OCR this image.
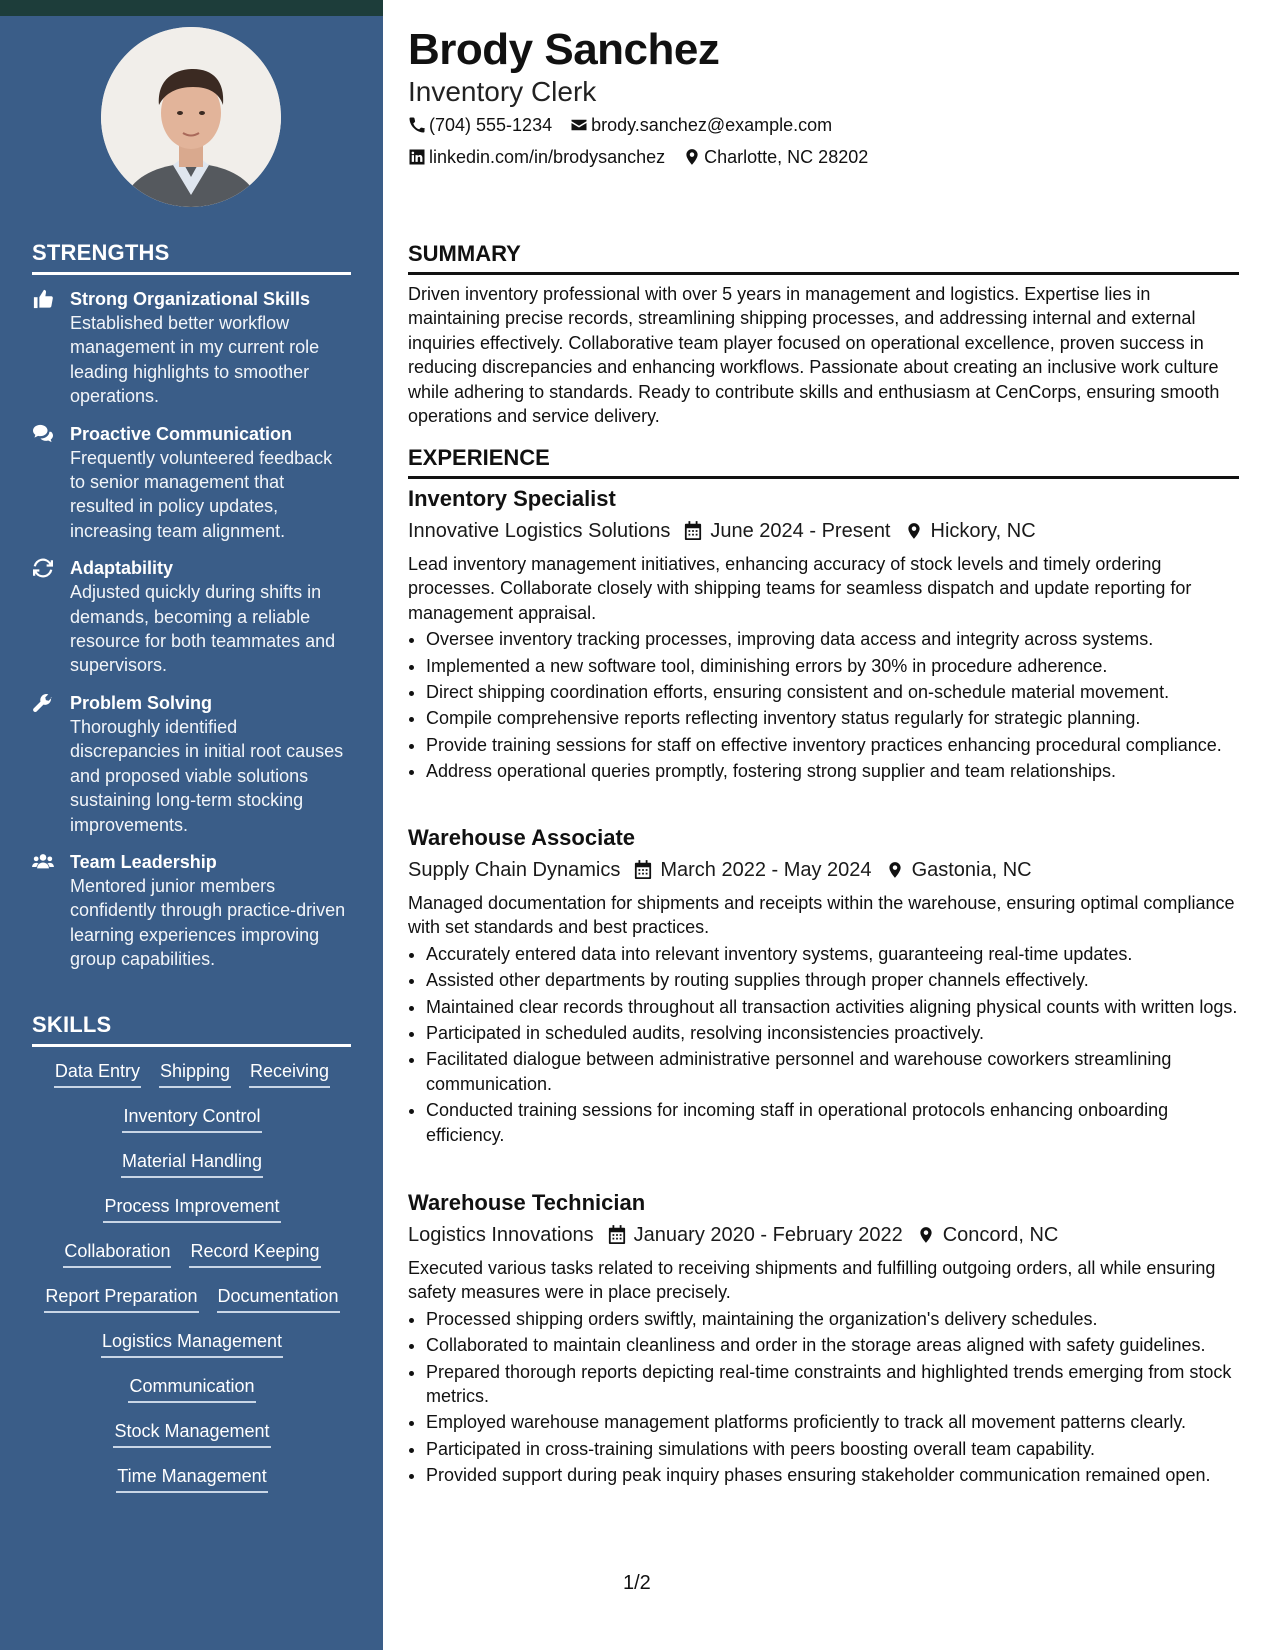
STRENGTHS
Strong Organizational Skills
Established better workflow management in my current role leading highlights to smoother operations.
Proactive Communication
Frequently volunteered feedback to senior management that resulted in policy updates, increasing team alignment.
Adaptability
Adjusted quickly during shifts in demands, becoming a reliable resource for both teammates and supervisors.
Problem Solving
Thoroughly identified discrepancies in initial root causes and proposed viable solutions sustaining long-term stocking improvements.
Team Leadership
Mentored junior members confidently through practice-driven learning experiences improving group capabilities.
SKILLS
Data Entry Shipping Receiving
Inventory Control
Material Handling
Process Improvement
Collaboration Record Keeping
Report Preparation Documentation
Logistics Management
Communication
Stock Management
Time Management
Brody Sanchez
Inventory Clerk
(704) 555-1234 brody.sanchez@example.com
linkedin.com/in/brodysanchez Charlotte, NC 28202
SUMMARY
Driven inventory professional with over 5 years in management and logistics. Expertise lies in maintaining precise records, streamlining shipping processes, and addressing internal and external inquiries effectively. Collaborative team player focused on operational excellence, proven success in reducing discrepancies and enhancing workflows. Passionate about creating an inclusive work culture while adhering to standards. Ready to contribute skills and enthusiasm at CenCorps, ensuring smooth operations and service delivery.
EXPERIENCE
Inventory Specialist
Innovative Logistics Solutions June 2024 - Present Hickory, NC
Lead inventory management initiatives, enhancing accuracy of stock levels and timely ordering processes. Collaborate closely with shipping teams for seamless dispatch and update reporting for management appraisal.
• Oversee inventory tracking processes, improving data access and integrity across systems.
• Implemented a new software tool, diminishing errors by 30% in procedure adherence.
• Direct shipping coordination efforts, ensuring consistent and on-schedule material movement.
• Compile comprehensive reports reflecting inventory status regularly for strategic planning.
• Provide training sessions for staff on effective inventory practices enhancing procedural compliance.
• Address operational queries promptly, fostering strong supplier and team relationships.
Warehouse Associate
Supply Chain Dynamics March 2022 - May 2024 Gastonia, NC
Managed documentation for shipments and receipts within the warehouse, ensuring optimal compliance with set standards and best practices.
• Accurately entered data into relevant inventory systems, guaranteeing real-time updates.
• Assisted other departments by routing supplies through proper channels effectively.
• Maintained clear records throughout all transaction activities aligning physical counts with written logs.
• Participated in scheduled audits, resolving inconsistencies proactively.
• Facilitated dialogue between administrative personnel and warehouse coworkers streamlining communication.
• Conducted training sessions for incoming staff in operational protocols enhancing onboarding efficiency.
Warehouse Technician
Logistics Innovations January 2020 - February 2022 Concord, NC
Executed various tasks related to receiving shipments and fulfilling outgoing orders, all while ensuring safety measures were in place precisely.
• Processed shipping orders swiftly, maintaining the organization's delivery schedules.
• Collaborated to maintain cleanliness and order in the storage areas aligned with safety guidelines.
• Prepared thorough reports depicting real-time constraints and highlighted trends emerging from stock metrics.
• Employed warehouse management platforms proficiently to track all movement patterns clearly.
• Participated in cross-training simulations with peers boosting overall team capability.
• Provided support during peak inquiry phases ensuring stakeholder communication remained open.
1/2
